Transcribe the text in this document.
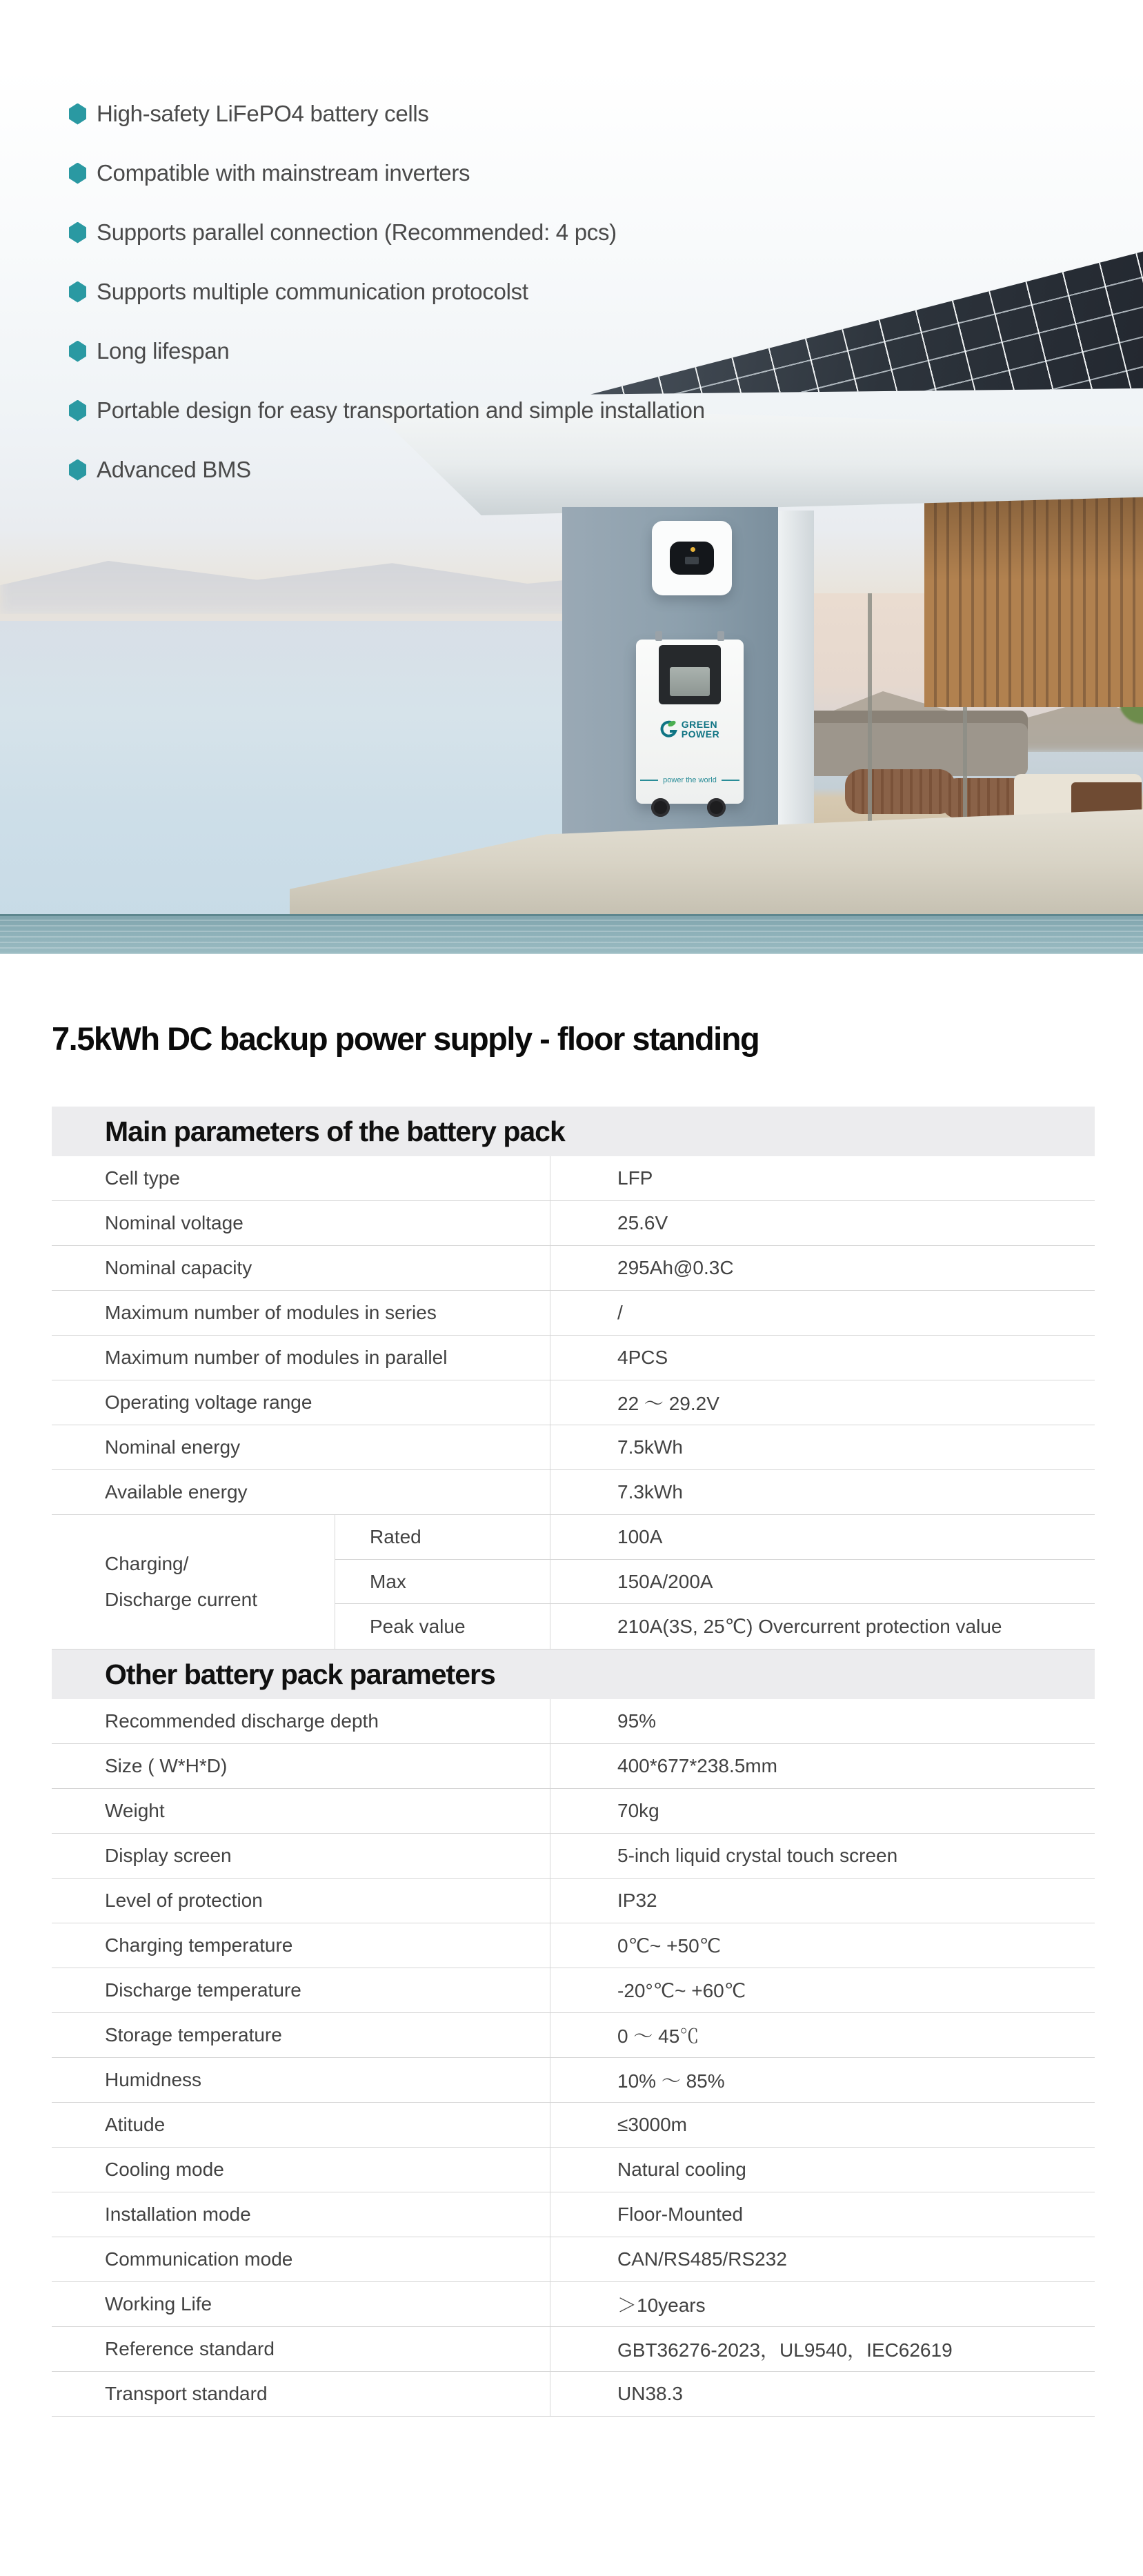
GREEN
POWER
power the world
High-safety LiFePO4 battery cells
Compatible with mainstream inverters
Supports parallel connection (Recommended: 4 pcs)
Supports multiple communication protocolst
Long lifespan
Portable design for easy transportation and simple installation
Advanced BMS
7.5kWh DC backup power supply - floor standing
Main parameters of the battery pack
Cell type	LFP
Nominal voltage	25.6V
Nominal capacity	295Ah@0.3C
Maximum number of modules in series	/
Maximum number of modules in parallel	4PCS
Operating voltage range	22 ～ 29.2V
Nominal energy	7.5kWh
Available energy	7.3kWh
Charging/
Discharge current
Rated	100A
Max	150A/200A
Peak value	210A(3S, 25℃) Overcurrent protection value
Other battery pack parameters
Recommended discharge depth	95%
Size ( W*H*D)	400*677*238.5mm
Weight	70kg
Display screen	5-inch liquid crystal touch screen
Level of protection	IP32
Charging temperature	0℃~ +50℃
Discharge temperature	-20°℃~ +60℃
Storage temperature	0 ～ 45℃
Humidness	10% ～ 85%
Atitude	≤3000m
Cooling mode	Natural cooling
Installation mode	Floor-Mounted
Communication mode	CAN/RS485/RS232
Working Life	＞10years
Reference standard	GBT36276-2023，UL9540，IEC62619
Transport standard	UN38.3
